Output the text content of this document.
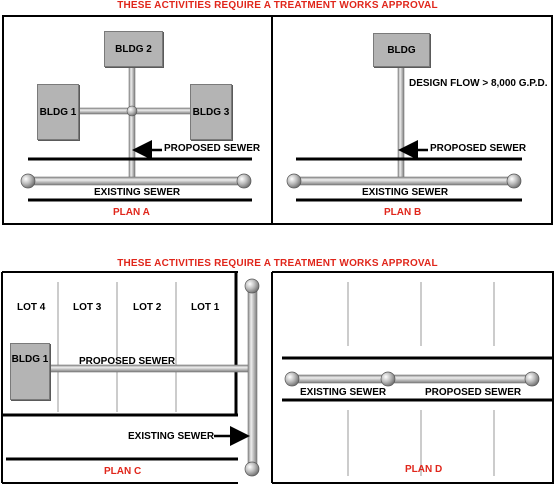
THESE ACTIVITIES REQUIRE A TREATMENT WORKS APPROVAL
THESE ACTIVITIES REQUIRE A TREATMENT WORKS APPROVAL
BLDG 2
BLDG 1	BLDG 3
PROPOSED SEWER
EXISTING SEWER
PLAN A
BLDG
DESIGN FLOW > 8,000 G.P.D.
PROPOSED SEWER
EXISTING SEWER
PLAN B
LOT 4	LOT 3	LOT 2	LOT 1
BLDG 1	PROPOSED SEWER
EXISTING SEWER
PLAN C
EXISTING SEWER	PROPOSED SEWER
PLAN D
